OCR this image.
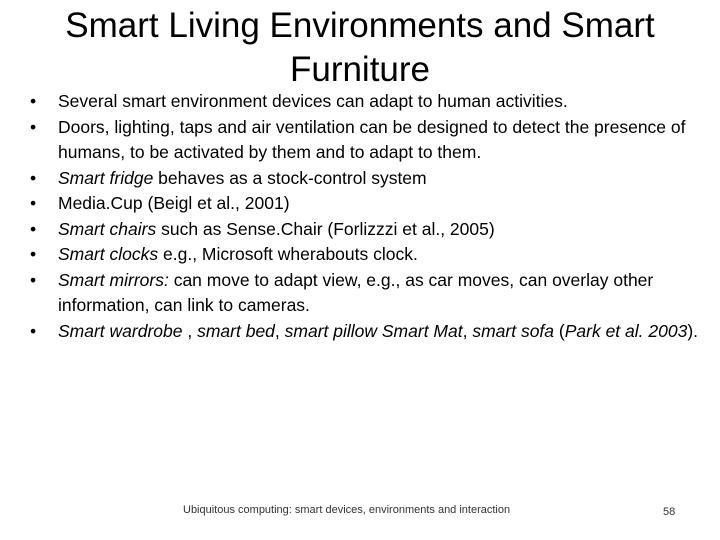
Smart Living Environments and Smart Furniture
• Several smart environment devices can adapt to human activities.
• Doors, lighting, taps and air ventilation can be designed to detect the presence of humans, to be activated by them and to adapt to them.
• Smart fridge behaves as a stock-control system
• Media.Cup (Beigl et al., 2001)
• Smart chairs such as Sense.Chair (Forlizzzi et al., 2005)
• Smart clocks e.g., Microsoft wherabouts clock.
• Smart mirrors: can move to adapt view, e.g., as car moves, can overlay other information, can link to cameras.
• Smart wardrobe , smart bed, smart pillow Smart Mat, smart sofa (Park et al. 2003).
Ubiquitous computing: smart devices, environments and interaction	58
